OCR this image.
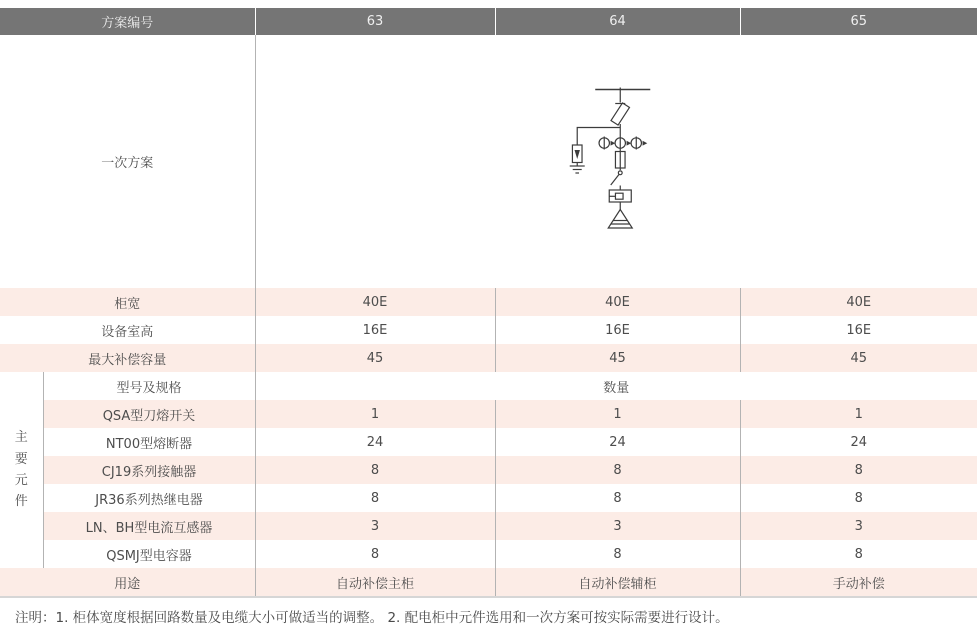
方案编号		63	64	65
一次方案	

柜宽		40E	40E	40E
设备室高		16E	16E	16E
最大补偿容量		45	45	45

主要元件	型号及规格	数量		
	QSA型刀熔开关	1	1	1
	NT00型熔断器	24	24	24
	CJ19系列接触器	8	8	8
	JR36系列热继电器	8	8	8
	LN、BH型电流互感器	3	3	3
	QSMJ型电容器	8	8	8
用途		自动补偿主柜	自动补偿辅柜	手动补偿
注明：1. 柜体宽度根据回路数量及电缆大小可做适当的调整。 2. 配电柜中元件选用和一次方案可按实际需要进行设计。
